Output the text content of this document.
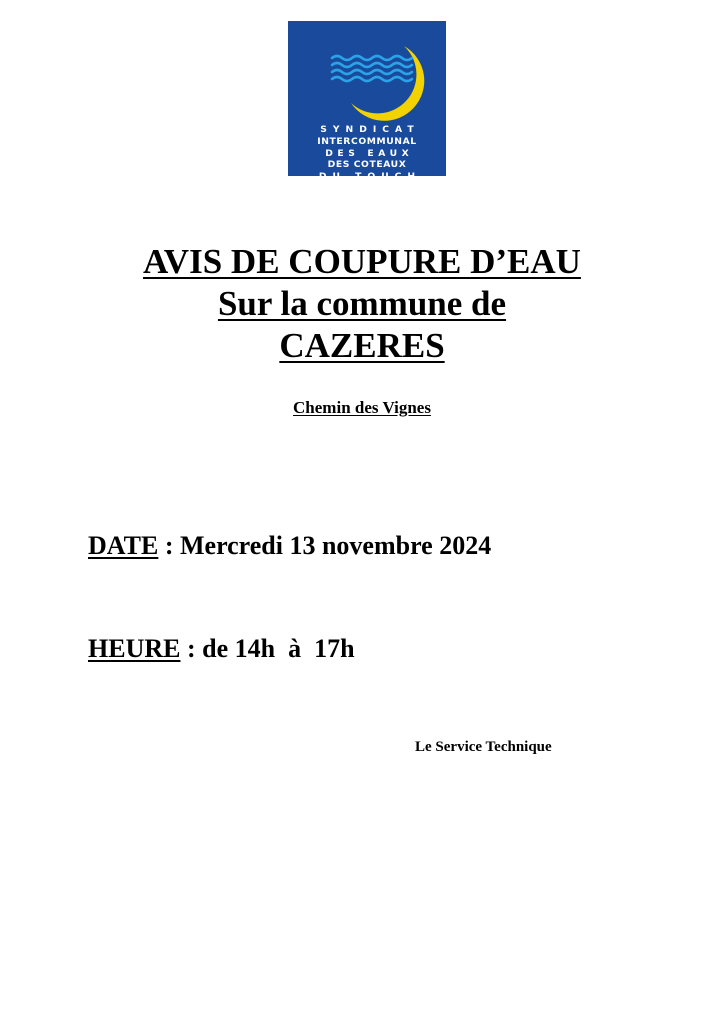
SYNDICAT
INTERCOMMUNAL
DES EAUX
DES COTEAUX
DU TOUCH
AVIS DE COUPURE D’EAU
Sur la commune de
CAZERES
Chemin des Vignes
DATE : Mercredi 13 novembre 2024
HEURE : de 14h  à  17h
Le Service Technique
